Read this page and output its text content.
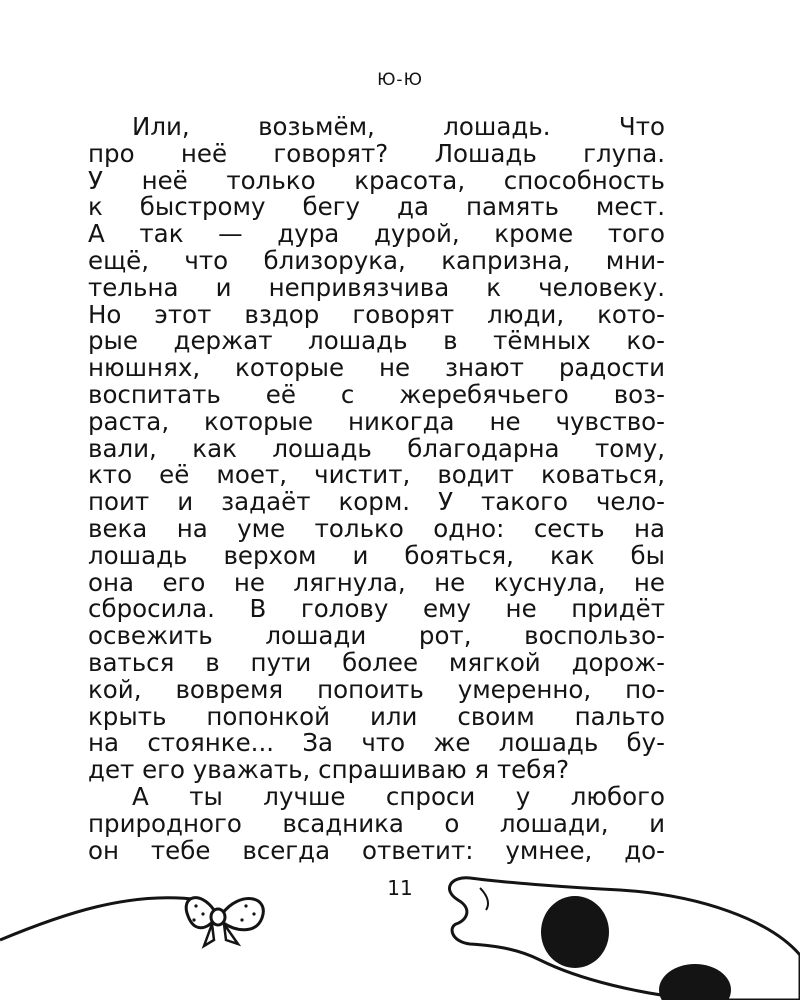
Ю-Ю
Или, возьмём, лошадь. Что
про неё говорят? Лошадь глупа.
У неё только красота, способность
к быстрому бегу да память мест.
А так — дура дурой, кроме того
ещё, что близорука, капризна, мни-
тельна и непривязчива к человеку.
Но этот вздор говорят люди, кото-
рые держат лошадь в тёмных ко-
нюшнях, которые не знают радости
воспитать её с жеребячьего воз-
раста, которые никогда не чувство-
вали, как лошадь благодарна тому,
кто её моет, чистит, водит коваться,
поит и задаёт корм. У такого чело-
века на уме только одно: сесть на
лошадь верхом и бояться, как бы
она его не лягнула, не куснула, не
сбросила. В голову ему не придёт
освежить лошади рот, воспользо-
ваться в пути более мягкой дорож-
кой, вовремя попоить умеренно, по-
крыть попонкой или своим пальто
на стоянке... За что же лошадь бу-
дет его уважать, спрашиваю я тебя?
А ты лучше спроси у любого
природного всадника о лошади, и
он тебе всегда ответит: умнее, до-
11
